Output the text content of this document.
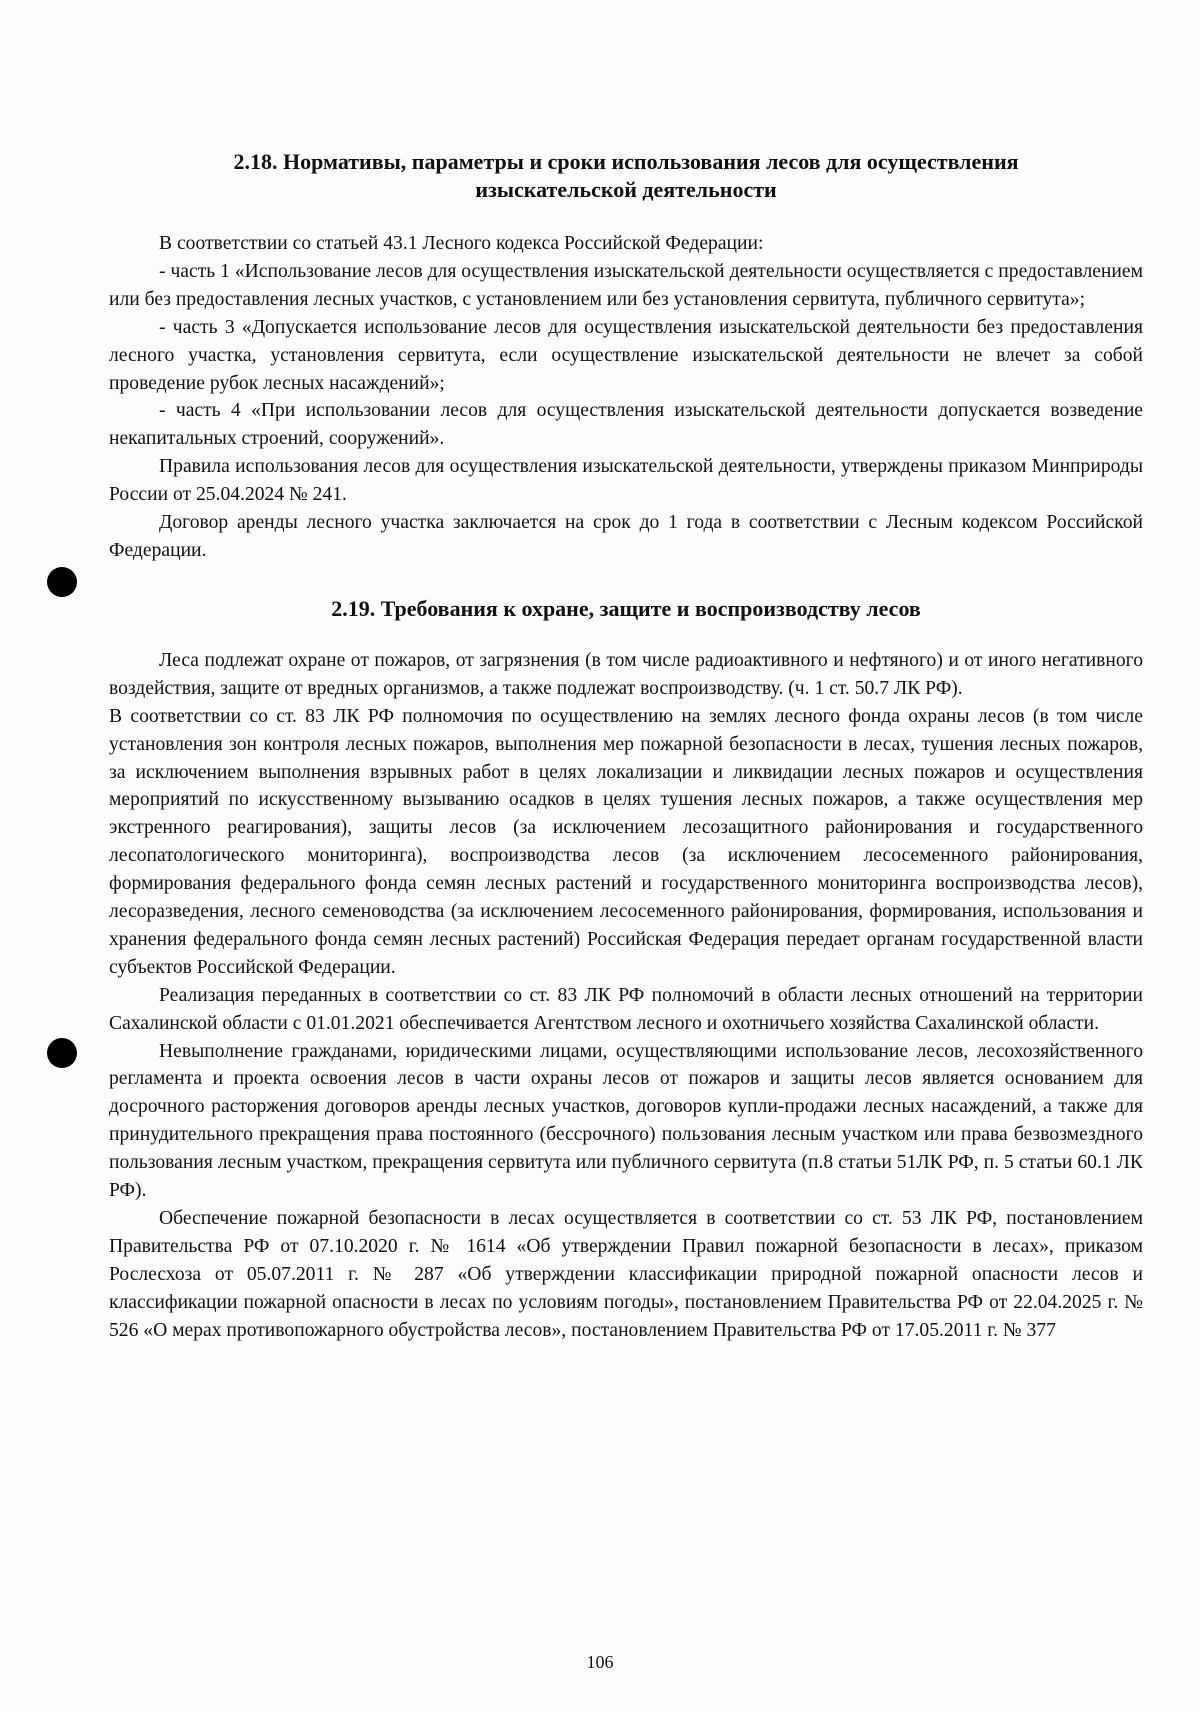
2.18. Нормативы, параметры и сроки использования лесов для осуществления
изыскательской деятельности

В соответствии со статьей 43.1 Лесного кодекса Российской Федерации:

- часть 1 «Использование лесов для осуществления изыскательской деятельности осуществляется с предоставлением или без предоставления лесных участков, с установлением или без установления сервитута, публичного сервитута»;

- часть 3 «Допускается использование лесов для осуществления изыскательской деятельности без предоставления лесного участка, установления сервитута, если осуществление изыскательской деятельности не влечет за собой проведение рубок лесных насаждений»;

- часть 4 «При использовании лесов для осуществления изыскательской деятельности допускается возведение некапитальных строений, сооружений».

Правила использования лесов для осуществления изыскательской деятельности, утверждены приказом Минприроды России от 25.04.2024 № 241.

Договор аренды лесного участка заключается на срок до 1 года в соответствии с Лесным кодексом Российской Федерации.

2.19. Требования к охране, защите и воспроизводству лесов

Леса подлежат охране от пожаров, от загрязнения (в том числе радиоактивного и нефтяного) и от иного негативного воздействия, защите от вредных организмов, а также подлежат воспроизводству. (ч. 1 ст. 50.7 ЛК РФ).

В соответствии со ст. 83 ЛК РФ полномочия по осуществлению на землях лесного фонда охраны лесов (в том числе установления зон контроля лесных пожаров, выполнения мер пожарной безопасности в лесах, тушения лесных пожаров, за исключением выполнения взрывных работ в целях локализации и ликвидации лесных пожаров и осуществления мероприятий по искусственному вызыванию осадков в целях тушения лесных пожаров, а также осуществления мер экстренного реагирования), защиты лесов (за исключением лесозащитного районирования и государственного лесопатологического мониторинга), воспроизводства лесов (за исключением лесосеменного районирования, формирования федерального фонда семян лесных растений и государственного мониторинга воспроизводства лесов), лесоразведения, лесного семеноводства (за исключением лесосеменного районирования, формирования, использования и хранения федерального фонда семян лесных растений) Российская Федерация передает органам государственной власти субъектов Российской Федерации.

Реализация переданных в соответствии со ст. 83 ЛК РФ полномочий в области лесных отношений на территории Сахалинской области с 01.01.2021 обеспечивается Агентством лесного и охотничьего хозяйства Сахалинской области.

Невыполнение гражданами, юридическими лицами, осуществляющими использование лесов, лесохозяйственного регламента и проекта освоения лесов в части охраны лесов от пожаров и защиты лесов является основанием для досрочного расторжения договоров аренды лесных участков, договоров купли-продажи лесных насаждений, а также для принудительного прекращения права постоянного (бессрочного) пользования лесным участком или права безвозмездного пользования лесным участком, прекращения сервитута или публичного сервитута (п.8 статьи 51ЛК РФ, п. 5 статьи 60.1 ЛК РФ).

Обеспечение пожарной безопасности в лесах осуществляется в соответствии со ст. 53 ЛК РФ, постановлением Правительства РФ от 07.10.2020 г. № 1614 «Об утверждении Правил пожарной безопасности в лесах», приказом Рослесхоза от 05.07.2011 г. № 287 «Об утверждении классификации природной пожарной опасности лесов и классификации пожарной опасности в лесах по условиям погоды», постановлением Правительства РФ от 22.04.2025 г. № 526 «О мерах противопожарного обустройства лесов», постановлением Правительства РФ от 17.05.2011 г. № 377

106
